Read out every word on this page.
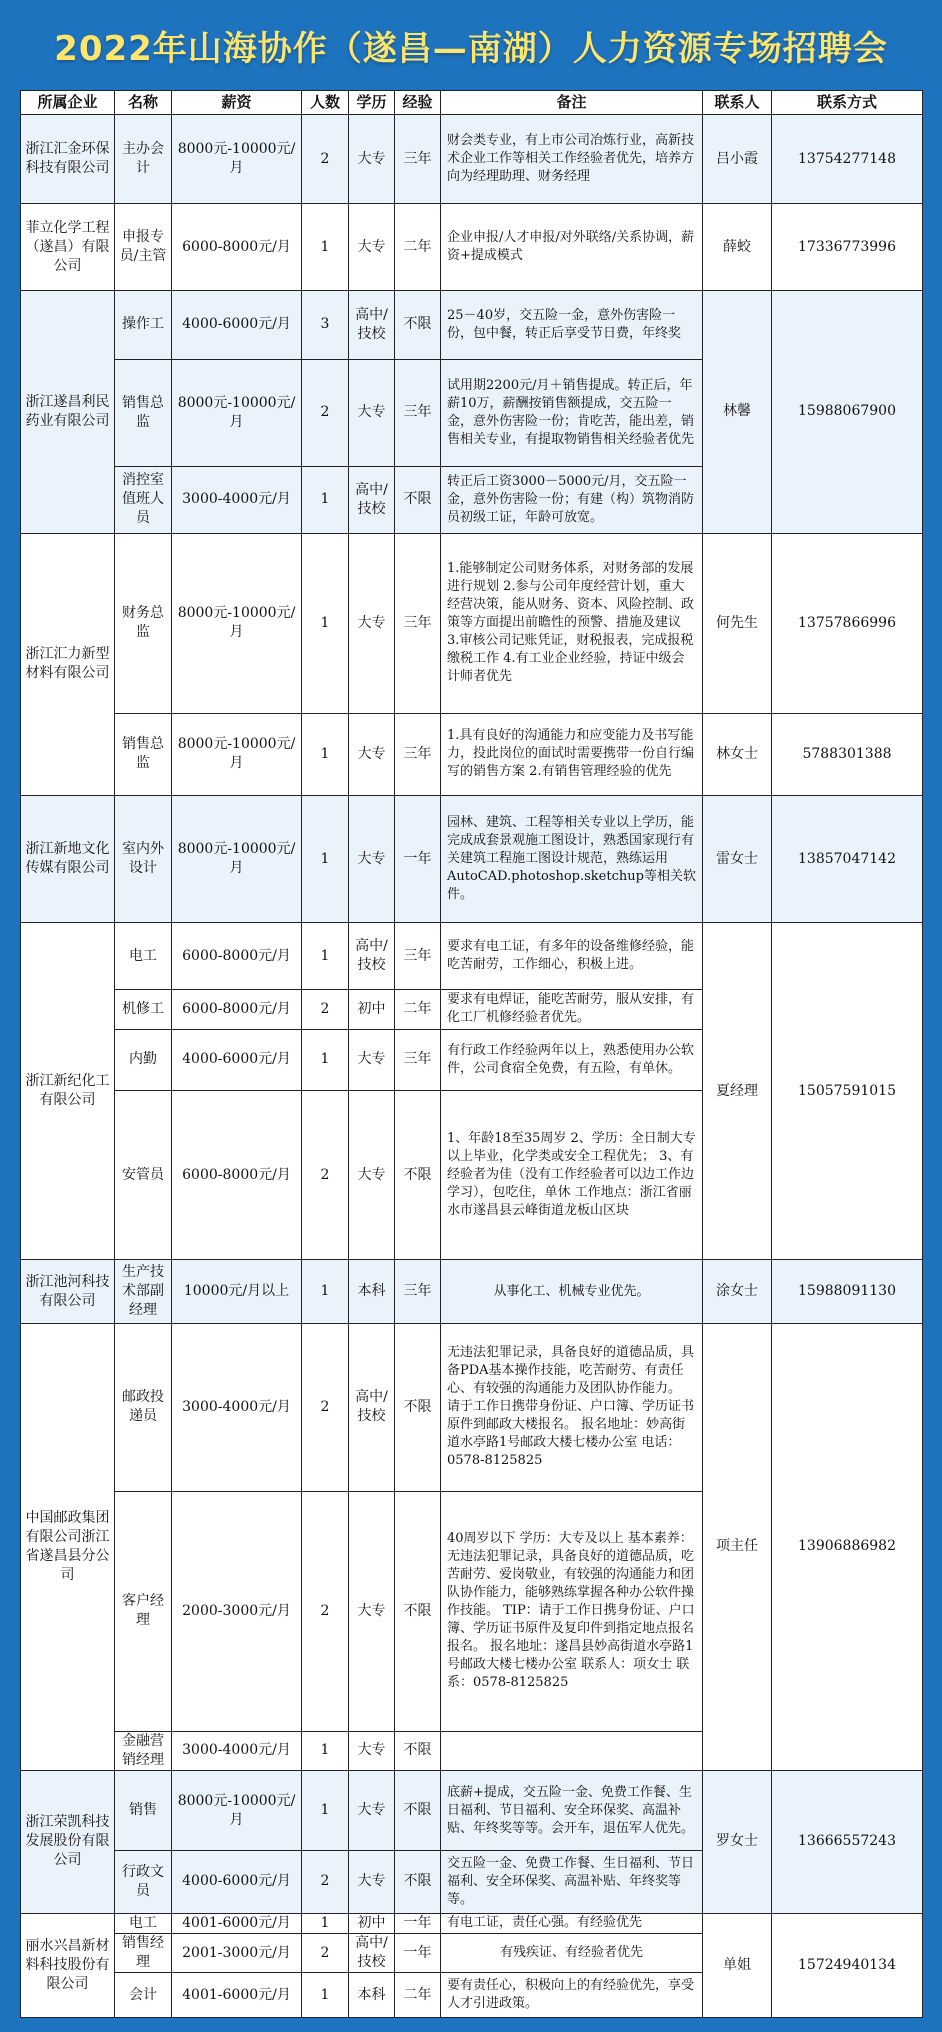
2022年山海协作（遂昌—南湖）人力资源专场招聘会
所属企业	名称	薪资	人数	学历	经验	备注	联系人	联系方式
浙江汇金环保科技有限公司	主办会计	8000元-10000元/月	2	大专	三年	财会类专业，有上市公司冶炼行业，高新技术企业工作等相关工作经验者优先，培养方向为经理助理、财务经理	吕小霞	13754277148
菲立化学工程（遂昌）有限公司	申报专员/主管	6000-8000元/月	1	大专	二年	企业申报/人才申报/对外联络/关系协调，薪资+提成模式	薛蛟	17336773996
浙江遂昌利民药业有限公司	操作工	4000-6000元/月	3	高中/技校	不限	25－40岁，交五险一金，意外伤害险一份，包中餐，转正后享受节日费，年终奖	林馨	15988067900
	销售总监	8000元-10000元/月	2	大专	三年	试用期2200元/月＋销售提成。转正后，年薪10万，薪酬按销售额提成，交五险一金，意外伤害险一份；肯吃苦，能出差，销售相关专业，有提取物销售相关经验者优先		
	消控室值班人员	3000-4000元/月	1	高中/技校	不限	转正后工资3000－5000元/月，交五险一金，意外伤害险一份；有建（构）筑物消防员初级工证，年龄可放宽。		
浙江汇力新型材料有限公司	财务总监	8000元-10000元/月	1	大专	三年	1.能够制定公司财务体系，对财务部的发展进行规划 2.参与公司年度经营计划，重大经营决策，能从财务、资本、风险控制、政策等方面提出前瞻性的预警、措施及建议 3.审核公司记账凭证，财税报表，完成报税缴税工作 4.有工业企业经验，持证中级会计师者优先	何先生	13757866996
	销售总监	8000元-10000元/月	1	大专	三年	1.具有良好的沟通能力和应变能力及书写能力，投此岗位的面试时需要携带一份自行编写的销售方案 2.有销售管理经验的优先	林女士	5788301388
浙江新地文化传媒有限公司	室内外设计	8000元-10000元/月	1	大专	一年	园林、建筑、工程等相关专业以上学历，能完成成套景观施工图设计，熟悉国家现行有关建筑工程施工图设计规范，熟练运用AutoCAD.photoshop.sketchup等相关软件。	雷女士	13857047142
浙江新纪化工有限公司	电工	6000-8000元/月	1	高中/技校	三年	要求有电工证，有多年的设备维修经验，能吃苦耐劳，工作细心，积极上进。	夏经理	15057591015
	机修工	6000-8000元/月	2	初中	二年	要求有电焊证，能吃苦耐劳，服从安排，有化工厂机修经验者优先。		
	内勤	4000-6000元/月	1	大专	三年	有行政工作经验两年以上，熟悉使用办公软件，公司食宿全免费，有五险，有单休。		
	安管员	6000-8000元/月	2	大专	不限	1、年龄18至35周岁 2、学历：全日制大专以上毕业，化学类或安全工程优先； 3、有经验者为佳（没有工作经验者可以边工作边学习），包吃住，单休 工作地点：浙江省丽水市遂昌县云峰街道龙板山区块		
浙江池河科技有限公司	生产技术部副经理	10000元/月以上	1	本科	三年	从事化工、机械专业优先。	涂女士	15988091130
中国邮政集团有限公司浙江省遂昌县分公司	邮政投递员	3000-4000元/月	2	高中/技校	不限	无违法犯罪记录，具备良好的道德品质，具备PDA基本操作技能，吃苦耐劳、有责任心、有较强的沟通能力及团队协作能力。 请于工作日携带身份证、户口簿、学历证书原件到邮政大楼报名。 报名地址：妙高街道水亭路1号邮政大楼七楼办公室 电话：0578-8125825	项主任	13906886982
	客户经理	2000-3000元/月	2	大专	不限	40周岁以下 学历：大专及以上 基本素养：无违法犯罪记录，具备良好的道德品质，吃苦耐劳、爱岗敬业，有较强的沟通能力和团队协作能力，能够熟练掌握各种办公软件操作技能。 TIP：请于工作日携身份证、户口簿、学历证书原件及复印件到指定地点报名报名。 报名地址：遂昌县妙高街道水亭路1号邮政大楼七楼办公室 联系人：项女士 联系：0578-8125825		
	金融营销经理	3000-4000元/月	1	大专	不限			
浙江荣凯科技发展股份有限公司	销售	8000元-10000元/月	1	大专	不限	底薪+提成，交五险一金、免费工作餐、生日福利、节日福利、安全环保奖、高温补贴、年终奖等等。会开车，退伍军人优先。	罗女士	13666557243
	行政文员	4000-6000元/月	2	大专	不限	交五险一金、免费工作餐、生日福利、节日福利、安全环保奖、高温补贴、年终奖等等。		
丽水兴昌新材料科技股份有限公司	电工	4001-6000元/月	1	初中	一年	有电工证，责任心强。有经验优先	单姐	15724940134
	销售经理	2001-3000元/月	2	高中/技校	一年	有残疾证、有经验者优先		
	会计	4001-6000元/月	1	本科	二年	要有责任心，积极向上的有经验优先，享受人才引进政策。		
